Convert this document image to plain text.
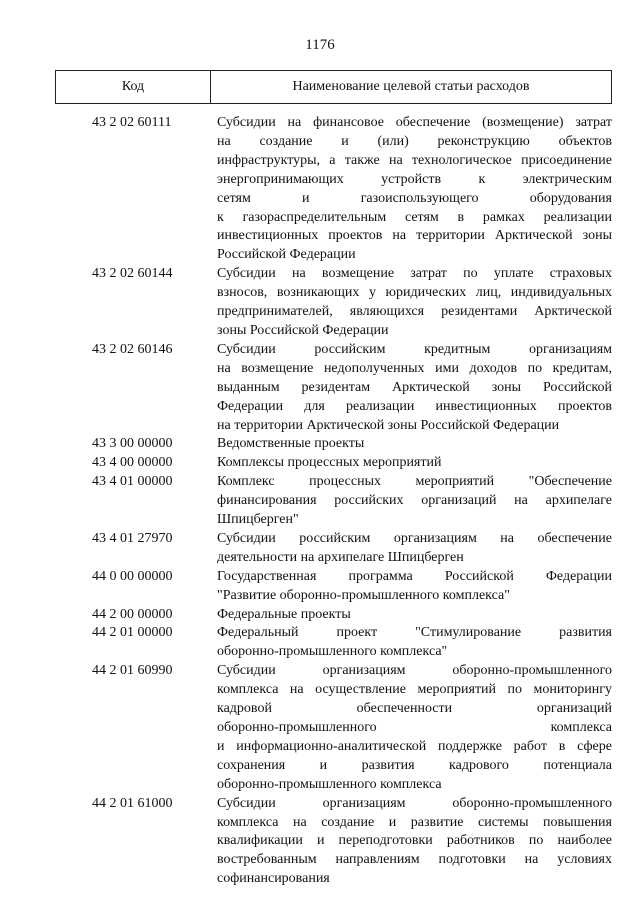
1176
Код	Наименование целевой статьи расходов
43 2 02 60111	Субсидии на финансовое обеспечение (возмещение) затрат
на создание и (или) реконструкцию объектов
инфраструктуры, а также на технологическое присоединение
энергопринимающих устройств к электрическим
сетям и газоиспользующего оборудования
к газораспределительным сетям в рамках реализации
инвестиционных проектов на территории Арктической зоны
Российской Федерации
43 2 02 60144	Субсидии на возмещение затрат по уплате страховых
взносов, возникающих у юридических лиц, индивидуальных
предпринимателей, являющихся резидентами Арктической
зоны Российской Федерации
43 2 02 60146	Субсидии российским кредитным организациям
на возмещение недополученных ими доходов по кредитам,
выданным резидентам Арктической зоны Российской
Федерации для реализации инвестиционных проектов
на территории Арктической зоны Российской Федерации
43 3 00 00000	Ведомственные проекты
43 4 00 00000	Комплексы процессных мероприятий
43 4 01 00000	Комплекс процессных мероприятий "Обеспечение
финансирования российских организаций на архипелаге
Шпицберген"
43 4 01 27970	Субсидии российским организациям на обеспечение
деятельности на архипелаге Шпицберген
44 0 00 00000	Государственная программа Российской Федерации
"Развитие оборонно-промышленного комплекса"
44 2 00 00000	Федеральные проекты
44 2 01 00000	Федеральный проект "Стимулирование развития
оборонно-промышленного комплекса"
44 2 01 60990	Субсидии организациям оборонно-промышленного
комплекса на осуществление мероприятий по мониторингу
кадровой обеспеченности организаций
оборонно-промышленного комплекса
и информационно-аналитической поддержке работ в сфере
сохранения и развития кадрового потенциала
оборонно-промышленного комплекса
44 2 01 61000	Субсидии организациям оборонно-промышленного
комплекса на создание и развитие системы повышения
квалификации и переподготовки работников по наиболее
востребованным направлениям подготовки на условиях
софинансирования
